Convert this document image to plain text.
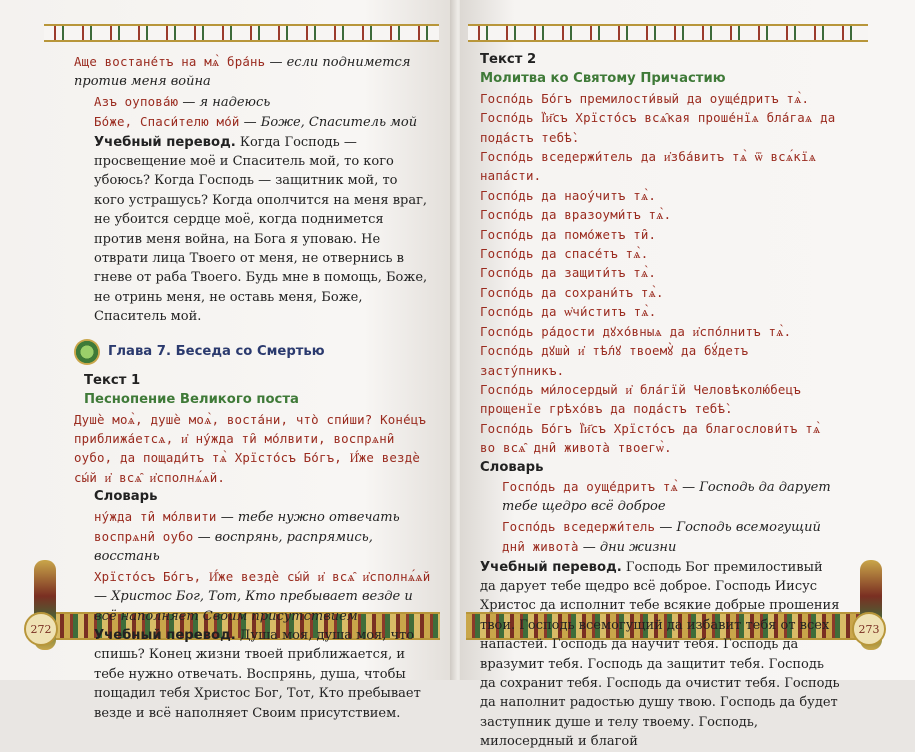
272

Аще востане́тъ на мѧ̀ бра́нь — если поднимется против меня война

Азъ оупова́ю — я надеюсь

Бо́же, Спаси́телю мо́й — Боже, Спаситель мой

Учебный перевод. Когда Господь — просвещение моё и Спаситель мой, то кого убоюсь? Когда Господь — защитник мой, то кого устрашусь? Когда ополчится на меня враг, не убоится сердце моё, когда поднимется против меня война, на Бога я уповаю. Не отврати лица Твоего от меня, не отвернись в гневе от раба Твоего. Будь мне в помощь, Боже, не отринь меня, не оставь меня, Боже, Спаситель мой.

Глава 7. Беседа со Смертью

Текст 1

Песнопение Великого поста

Душѐ моѧ̀, душѐ моѧ̀, воста́ни, что̀ спи́ши? Коне́цъ приближа́етсѧ, и҆ ну́жда ти̑ мо́лвити, воспрѧни̑ оубо, да пощади́тъ тѧ̀ Хрїсто́съ Бо́гъ, И҆́же вездѐ сы́й и҆ всѧ̑ и҆сполнѧ́ѧй.

Словарь

ну́жда ти̑ мо́лвити — тебе нужно отвечать

воспрѧни̑ оубо — воспрянь, распрямись, восстань

Хрїсто́съ Бо́гъ, И҆́же вездѐ сы́й и҆ всѧ̑ и҆сполнѧ́ѧй — Христос Бог, Тот, Кто пребывает везде и всё наполняет Своим присутствием

Учебный перевод. Душа моя, душа моя, что спишь? Конец жизни твоей приближается, и тебе нужно отвечать. Воспрянь, душа, чтобы пощадил тебя Христос Бог, Тот, Кто пребывает везде и всё наполняет Своим присутствием.

273

Текст 2

Молитва ко Святому Причастию

Госпо́дь Бо́гъ премилости́вый да оуще́дритъ тѧ̀.

Госпо́дь Ї҆и҃съ Хрїсто́съ всѧ̑кая проше́нїѧ бла́гаѧ да пода́стъ тебѣ̀.

Госпо́дь вседержи́тель да и҆зба́витъ тѧ̀ ѿ всѧ́кїѧ напа́сти.

Госпо́дь да наоу́читъ тѧ̀.

Госпо́дь да вразоуми́тъ тѧ̀.

Госпо́дь да помо́жетъ ти̑.

Госпо́дь да спасе́тъ тѧ̀.

Госпо́дь да защити́тъ тѧ̀.

Госпо́дь да сохрани́тъ тѧ̀.

Госпо́дь да ѡ҆чи́ститъ тѧ̀.

Госпо́дь ра́дости дꙋхо́вныѧ да и҆спо́лнитъ тѧ̀.

Госпо́дь дꙋшѝ и҆ тѣ́лꙋ твоемꙋ̀ да бꙋ́детъ засту́пникъ.

Госпо́дь ми́лосердый и҆ бла́гїй Человѣколю́бецъ прощенїе грѣхо́въ да пода́стъ тебѣ̀.

Госпо́дь Бо́гъ Ї҆и҃съ Хрїсто́съ да благослови́тъ тѧ̀ во всѧ̑ дни̑ живота̀ твоегѡ̀.

Словарь

Госпо́дь да оуще́дритъ тѧ̀ — Господь да дарует тебе щедро всё доброе

Госпо́дь вседержи́тель — Господь всемогущий

дни̑ живота̀ — дни жизни

Учебный перевод. Господь Бог премилостивый да дарует тебе щедро всё доброе. Господь Иисус Христос да исполнит тебе всякие добрые прошения твои. Господь всемогущий да избавит тебя от всех напастей. Господь да научит тебя. Господь да вразумит тебя. Господь да защитит тебя. Господь да сохранит тебя. Господь да очистит тебя. Господь да наполнит радостью душу твою. Господь да будет заступник душе и телу твоему. Господь, милосердный и благой
